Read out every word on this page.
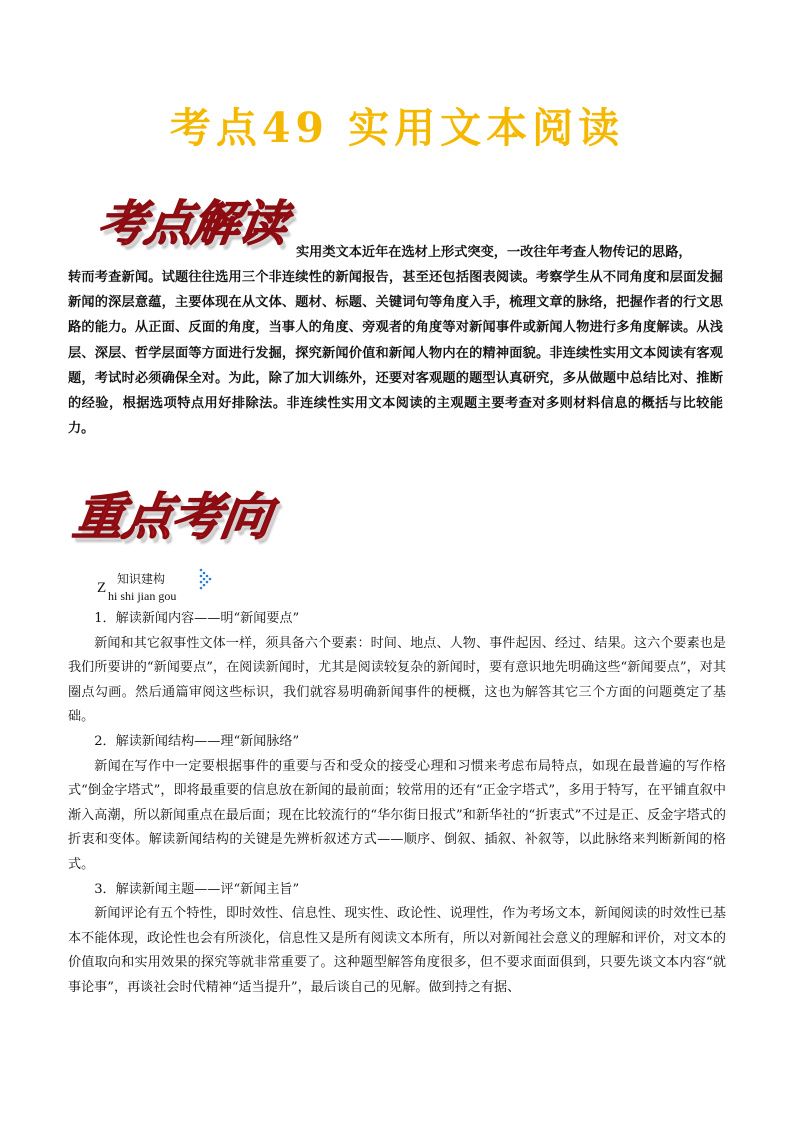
考点49 实用文本阅读
考点解读
实用类文本近年在选材上形式突变，一改往年考查人物传记的思路，
转而考查新闻。试题往往选用三个非连续性的新闻报告，甚至还包括图表阅读。考察学生从不同角度和层面发掘新闻的深层意蕴，主要体现在从文体、题材、标题、关键词句等角度入手，梳理文章的脉络，把握作者的行文思路的能力。从正面、反面的角度，当事人的角度、旁观者的角度等对新闻事件或新闻人物进行多角度解读。从浅层、深层、哲学层面等方面进行发掘，探究新闻价值和新闻人物内在的精神面貌。非连续性实用文本阅读有客观题，考试时必须确保全对。为此，除了加大训练外，还要对客观题的题型认真研究，多从做题中总结比对、推断的经验，根据选项特点用好排除法。非连续性实用文本阅读的主观题主要考查对多则材料信息的概括与比较能力。
重点考向
知识建构
Z hi shi jian gou

1．解读新闻内容——明“新闻要点”

新闻和其它叙事性文体一样，须具备六个要素：时间、地点、人物、事件起因、经过、结果。这六个要素也是我们所要讲的“新闻要点”，在阅读新闻时，尤其是阅读较复杂的新闻时，要有意识地先明确这些“新闻要点”，对其圈点勾画。然后通篇审阅这些标识，我们就容易明确新闻事件的梗概，这也为解答其它三个方面的问题奠定了基础。

2．解读新闻结构——理“新闻脉络”

新闻在写作中一定要根据事件的重要与否和受众的接受心理和习惯来考虑布局特点，如现在最普遍的写作格式“倒金字塔式”，即将最重要的信息放在新闻的最前面；较常用的还有“正金字塔式”，多用于特写，在平铺直叙中渐入高潮，所以新闻重点在最后面；现在比较流行的“华尔街日报式”和新华社的“折衷式”不过是正、反金字塔式的折衷和变体。解读新闻结构的关键是先辨析叙述方式——顺序、倒叙、插叙、补叙等，以此脉络来判断新闻的格式。

3．解读新闻主题——评“新闻主旨”

新闻评论有五个特性，即时效性、信息性、现实性、政论性、说理性，作为考场文本，新闻阅读的时效性已基本不能体现，政论性也会有所淡化，信息性又是所有阅读文本所有，所以对新闻社会意义的理解和评价，对文本的价值取向和实用效果的探究等就非常重要了。这种题型解答角度很多，但不要求面面俱到，只要先谈文本内容“就事论事”，再谈社会时代精神“适当提升”，最后谈自己的见解。做到持之有据、
